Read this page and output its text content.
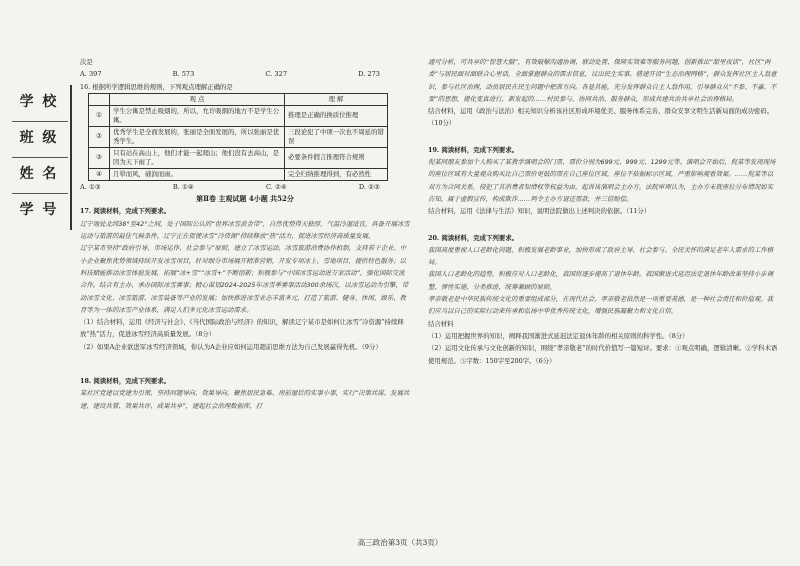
学 校
班 级
姓 名
学 号
次是
A. 397	B. 573	C. 327	D. 273
16. 根据所学逻辑思维的规则，下列观点理解正确的是
	观 点	理 解
①	学生公寓是禁止吸烟的，所以，允许吸烟的地方不是学生公寓。	推理是正确的换质位推理
②	优秀学生是全面发展的，张丽是全面发展的，所以张丽是优秀学生。	三段论犯了中项一次也不周延的错误
③	只有站在高山上，他们才能一起爬山；他们没有去高山，是因为天下雨了。	必要条件假言推理符合规则
④	月晕而风，础润而雨。	完全归纳推理得到，有必然性
A. ①③	B. ①④	C. ②④	D. ②③
第Ⅱ卷 主观试题 4小题 共52分
17. 阅读材料，完成下列要求。
辽宁地处北纬38°至42°之间，处于国际公认的“世界冰雪黄金带”，自然优势得天独厚，气温冷湿适宜，具备开展冰雪运动与旅游的最佳气候条件。辽宁正在促使冰雪“冷资源”持续释放“热”活力，促进冰雪经济高质量发展。
辽宁某市坚持“政府引导、市场运作、社会参与”原则，建立了冰雪运动、冰雪旅游消费协作机制，支持若干企业、中小企业聚焦优势领域持续开发冰雪项目，针对细分市场展开精准营销，开发专项冰上、雪地项目，提供特色服务；以科技赋能推动冰雪体验发展，拓展“冰+雪”“冰雪+”不断创新；积极参与“中国冰雪运动进万家活动”，强化国际交流合作。结合有主办、承办国际冰雪赛事；精心谋划2024-2025年冰雪季赛事活动300余场次，以冰雪运动为引擎，带动冰雪文化、冰雪旅游、冰雪装备等产业的发展；加快推进冰雪业态丰富多元，打造了旅游、健身、休闲、娱乐、教育等为一体的冰雪产业体系，满足人们多元化冰雪运动需求。
（1）结合材料，运用《经济与社会》、《当代国际政治与经济》的知识，解读辽宁某市是如何让冰雪“冷资源”持续释放“热”活力，促进冰雪经济高质量发展。（8分）
（2）如果A企业欲进军冰雪经济领域，你认为A企业应如何运用超前思维方法为自己发展赢得先机。（9分）
18. 阅读材料，完成下列要求。
某社区党建以党建为引领，坚持问题导向、效果导向，聚焦居民急难、房前屋后的实事小事，实行“决策共谋、发展共建、建设共管、效果共评、成果共享”，建起社会治理数据库，打
通可分析，可共享的“智慧大脑”，有效破解沟通协调、联动处置、保障实效难等服务问题，创新推出“甜里夜话”，社区“两委”与居民面对面联合心里话，全面掌握群众的需求信息，议出民生实事。搭建开设“生态治理网格”，群众发挥社区主人翁意识，参与社区治理，动员居民在民生问题中把准方向。各显其能，充分发挥群众自主人翁作用，引导群众从“不参、不嘉、不要”的思想，提化变真进行，新发起的……村民参与、协同共治、服务群众，形成共建共治共享社会治理格局。
结合材料，运用《政治与法治》相关知识分析该社区形成环境优美、服务体系完善、群众安享文明生活新局面的成功密码。（10分）
19. 阅读材料，完成下列要求。
倪某同朋友参加个人购买了某教学演唱会的门票，票价分别为699元、999元、1299元等。演唱会开始后，倪某等发现现场的座位区域有大量观众购买比自己票价更低的票在自己座位区域，座位不依据标示区域，严重影响观看效果。……倪某等以双方为合同关系，侵犯了其消费者知情权等权益为由，起诉该演唱会主办方。法院审理认为，主办方未就座位分布情况如实告知，属于虚假宣传，构成欺诈……判令主办方退还票款，并三倍赔偿。
结合材料，运用《法律与生活》知识，说明法院做出上述判决的依据。（11分）
20. 阅读材料，完成下列要求。
我国高度重视人口老龄化问题，积极发展老龄事业，加快形成了政府主导、社会参与、全民关怀的满足老年人需求的工作格局。
我国人口老龄化的趋势，积极应对人口老龄化，我国将逐步提高了退休年龄。我国渐进式延迟法定退休年龄改革坚持小步调整、弹性实施、分类推进、统筹兼顾的原则。
孝亲敬老是中华民族传统文化的重要组成部分，在现代社会，孝亲敬老依然是一项重要美德，是一种社会责任和价值观。我们应当以自己的实际行动来传承和弘扬中华优秀传统文化，增强民族凝聚力和文化自信。
结合材料
（1）运用把握世界的知识，阐释我国渐进式延迟法定退休年龄的相关原则的科学性。（8分）
（2）运用文化传承与文化创新的知识，围绕“孝亲敬老”的时代价值写一篇短评。要求：①观点明确，逻辑清晰。②学科术语使用规范。③字数：150字至200字。（6分）
高三政治第3页（共3页）
